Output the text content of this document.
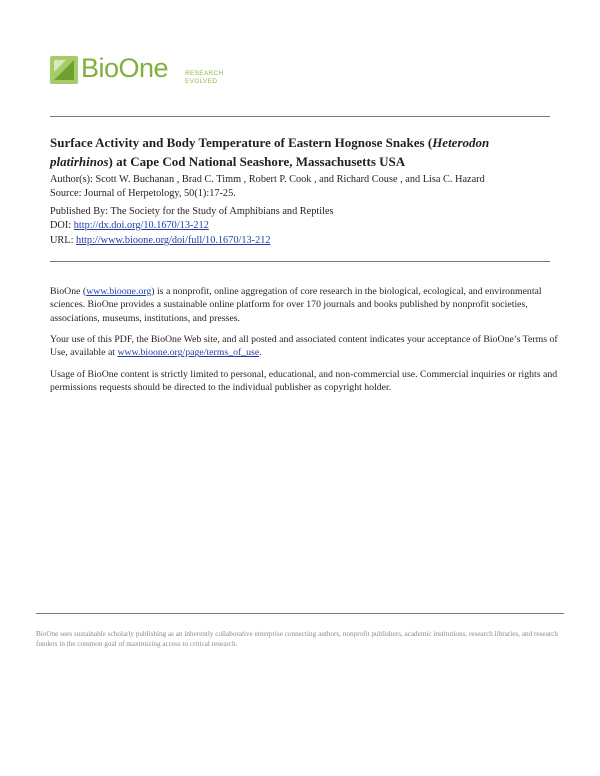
BioOne	RESEARCH
EVOLVED
Surface Activity and Body Temperature of Eastern Hognose Snakes (Heterodon
platirhinos) at Cape Cod National Seashore, Massachusetts USA
Author(s): Scott W. Buchanan , Brad C. Timm , Robert P. Cook , and Richard Couse , and Lisa C. Hazard
Source: Journal of Herpetology, 50(1):17-25.
Published By: The Society for the Study of Amphibians and Reptiles
DOI: http://dx.doi.org/10.1670/13-212
URL: http://www.bioone.org/doi/full/10.1670/13-212
BioOne (www.bioone.org) is a nonprofit, online aggregation of core research in the biological, ecological, and environmental sciences. BioOne provides a sustainable online platform for over 170 journals and books published by nonprofit societies, associations, museums, institutions, and presses.
Your use of this PDF, the BioOne Web site, and all posted and associated content indicates your acceptance of BioOne’s Terms of Use, available at www.bioone.org/page/terms_of_use.
Usage of BioOne content is strictly limited to personal, educational, and non-commercial use. Commercial inquiries or rights and permissions requests should be directed to the individual publisher as copyright holder.
BioOne sees sustainable scholarly publishing as an inherently collaborative enterprise connecting authors, nonprofit publishers, academic institutions, research libraries, and research funders in the common goal of maximizing access to critical research.
